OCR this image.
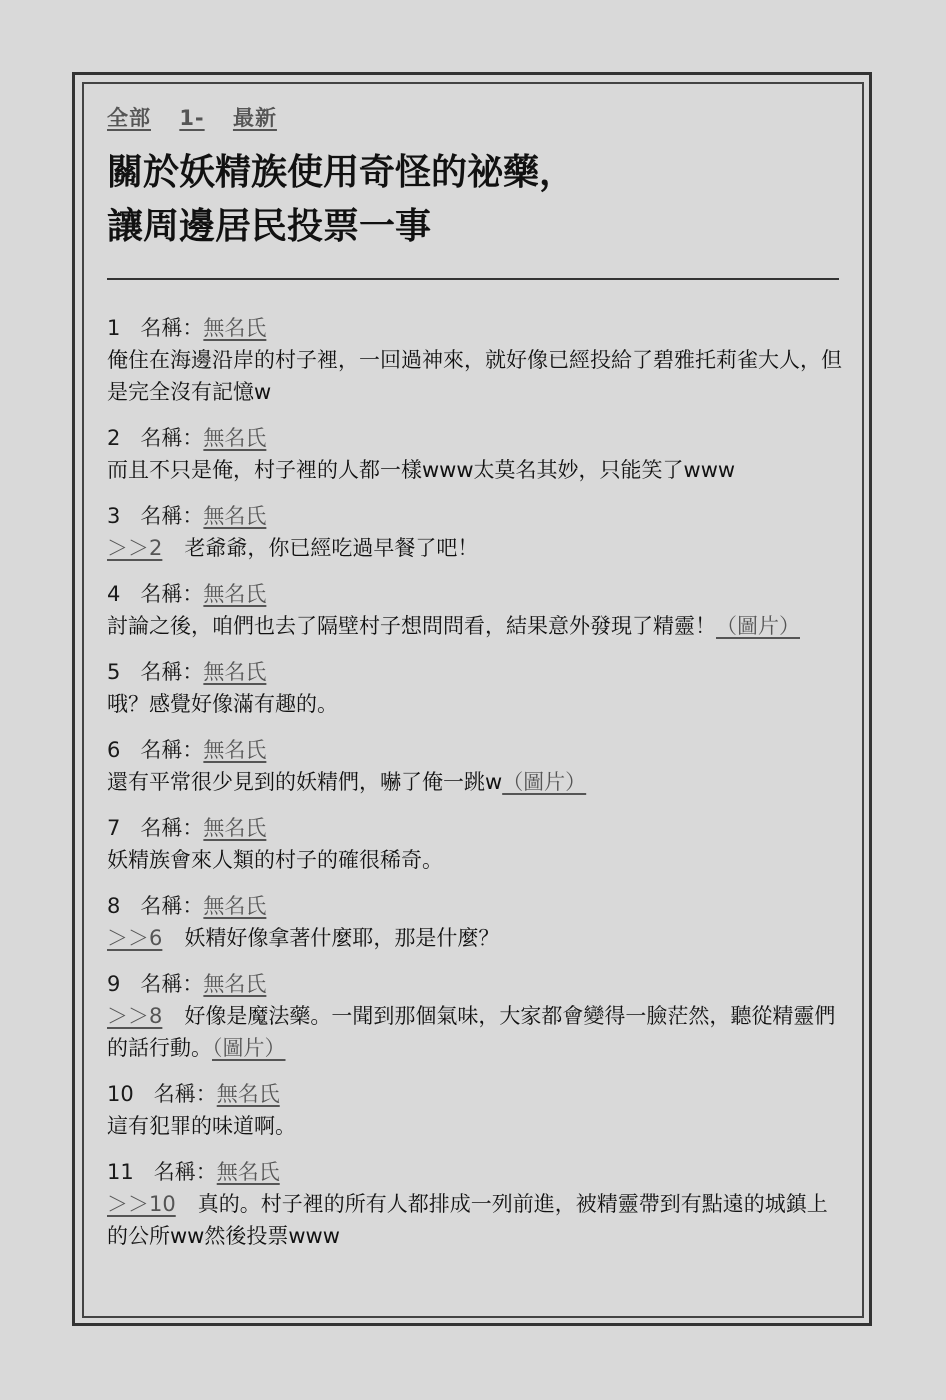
全部 1- 最新
關於妖精族使用奇怪的祕藥，
讓周邊居民投票一事
1 名稱：無名氏
俺住在海邊沿岸的村子裡，一回過神來，就好像已經投給了碧雅托莉雀大人，但是完全沒有記憶w
2 名稱：無名氏
而且不只是俺，村子裡的人都一樣www太莫名其妙，只能笑了www
3 名稱：無名氏
＞＞2 老爺爺，你已經吃過早餐了吧！
4 名稱：無名氏
討論之後，咱們也去了隔壁村子想問問看，結果意外發現了精靈！（圖片）
5 名稱：無名氏
哦？感覺好像滿有趣的。
6 名稱：無名氏
還有平常很少見到的妖精們，嚇了俺一跳w（圖片）
7 名稱：無名氏
妖精族會來人類的村子的確很稀奇。
8 名稱：無名氏
＞＞6 妖精好像拿著什麼耶，那是什麼？
9 名稱：無名氏
＞＞8 好像是魔法藥。一聞到那個氣味，大家都會變得一臉茫然，聽從精靈們的話行動。（圖片）
10 名稱：無名氏
這有犯罪的味道啊。
11 名稱：無名氏
＞＞10 真的。村子裡的所有人都排成一列前進，被精靈帶到有點遠的城鎮上的公所ww然後投票www
